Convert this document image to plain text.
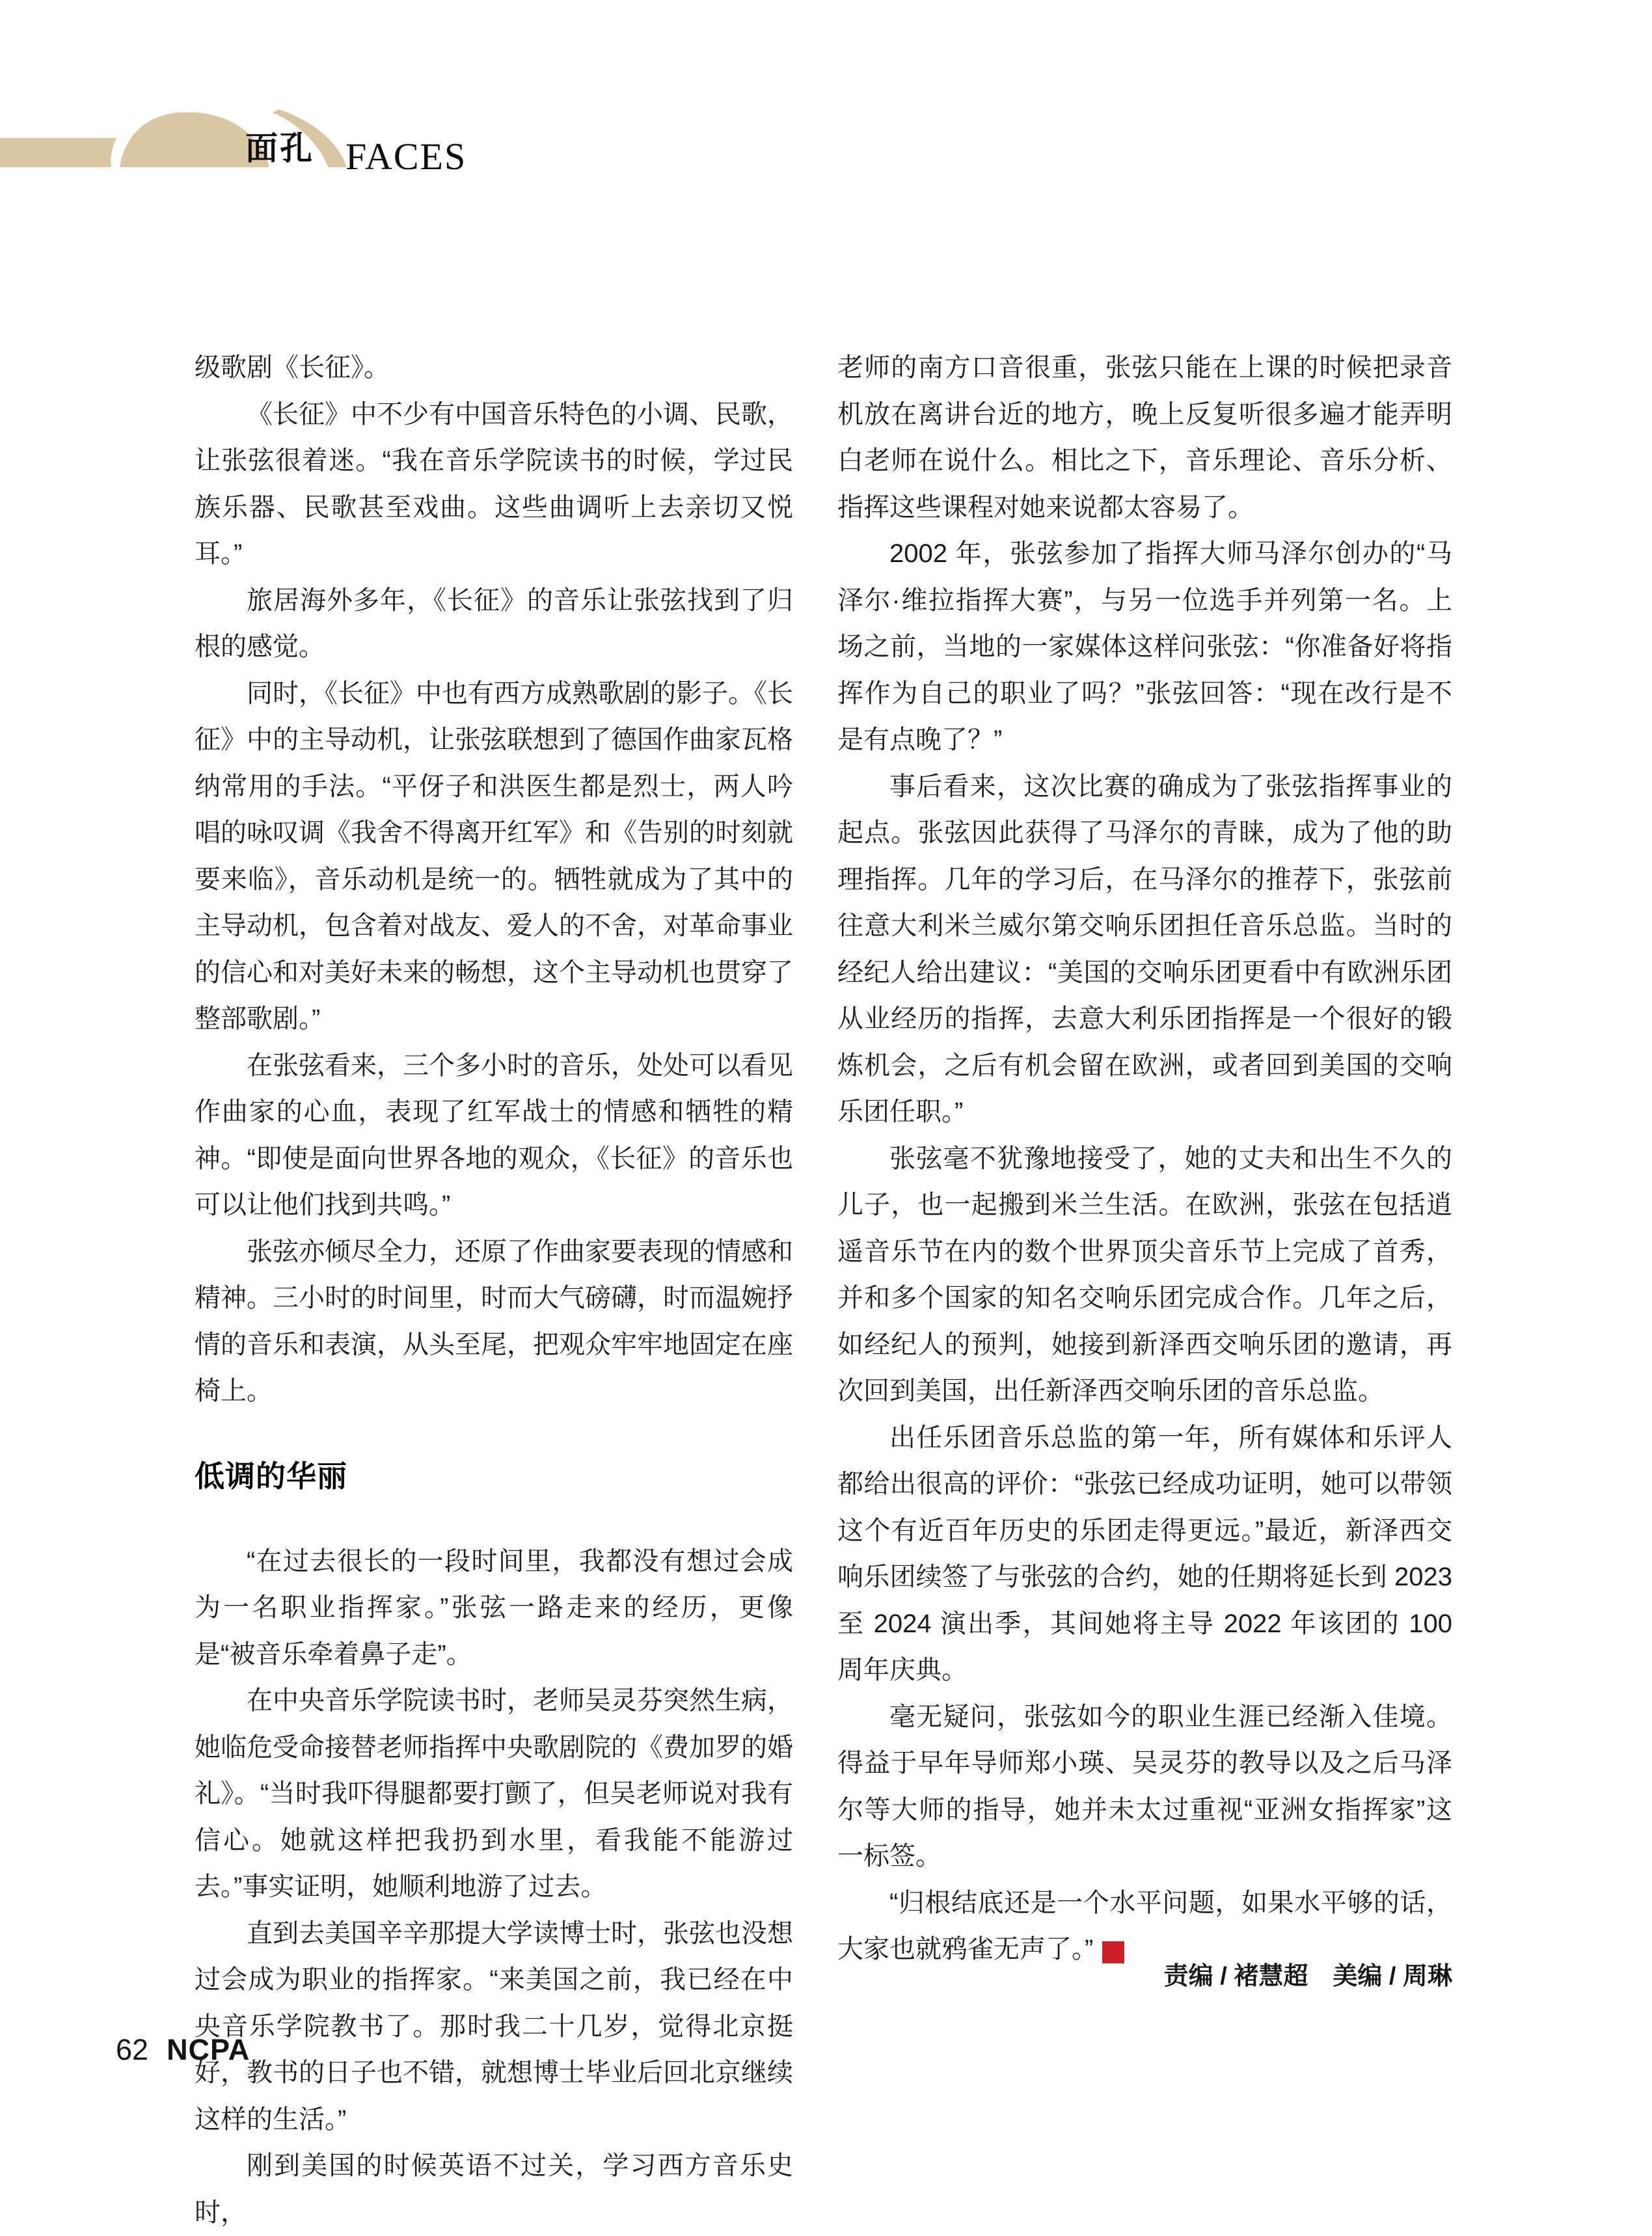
面孔 FACES

级歌剧《长征》。

《长征》中不少有中国音乐特色的小调、民歌，让张弦很着迷。“我在音乐学院读书的时候，学过民族乐器、民歌甚至戏曲。这些曲调听上去亲切又悦耳。”

旅居海外多年，《长征》的音乐让张弦找到了归根的感觉。

同时，《长征》中也有西方成熟歌剧的影子。《长征》中的主导动机，让张弦联想到了德国作曲家瓦格纳常用的手法。“平伢子和洪医生都是烈士，两人吟唱的咏叹调《我舍不得离开红军》和《告别的时刻就要来临》，音乐动机是统一的。牺牲就成为了其中的主导动机，包含着对战友、爱人的不舍，对革命事业的信心和对美好未来的畅想，这个主导动机也贯穿了整部歌剧。”

在张弦看来，三个多小时的音乐，处处可以看见作曲家的心血，表现了红军战士的情感和牺牲的精神。“即使是面向世界各地的观众，《长征》的音乐也可以让他们找到共鸣。”

张弦亦倾尽全力，还原了作曲家要表现的情感和精神。三小时的时间里，时而大气磅礴，时而温婉抒情的音乐和表演，从头至尾，把观众牢牢地固定在座椅上。

低调的华丽

“在过去很长的一段时间里，我都没有想过会成为一名职业指挥家。”张弦一路走来的经历，更像是“被音乐牵着鼻子走”。

在中央音乐学院读书时，老师吴灵芬突然生病，她临危受命接替老师指挥中央歌剧院的《费加罗的婚礼》。“当时我吓得腿都要打颤了，但吴老师说对我有信心。她就这样把我扔到水里，看我能不能游过去。”事实证明，她顺利地游了过去。

直到去美国辛辛那提大学读博士时，张弦也没想过会成为职业的指挥家。“来美国之前，我已经在中央音乐学院教书了。那时我二十几岁，觉得北京挺好，教书的日子也不错，就想博士毕业后回北京继续这样的生活。”

刚到美国的时候英语不过关，学习西方音乐史时，

老师的南方口音很重，张弦只能在上课的时候把录音机放在离讲台近的地方，晚上反复听很多遍才能弄明白老师在说什么。相比之下，音乐理论、音乐分析、指挥这些课程对她来说都太容易了。

2002 年，张弦参加了指挥大师马泽尔创办的“马泽尔·维拉指挥大赛”，与另一位选手并列第一名。上场之前，当地的一家媒体这样问张弦：“你准备好将指挥作为自己的职业了吗？”张弦回答：“现在改行是不是有点晚了？”

事后看来，这次比赛的确成为了张弦指挥事业的起点。张弦因此获得了马泽尔的青睐，成为了他的助理指挥。几年的学习后，在马泽尔的推荐下，张弦前往意大利米兰威尔第交响乐团担任音乐总监。当时的经纪人给出建议：“美国的交响乐团更看中有欧洲乐团从业经历的指挥，去意大利乐团指挥是一个很好的锻炼机会，之后有机会留在欧洲，或者回到美国的交响乐团任职。”

张弦毫不犹豫地接受了，她的丈夫和出生不久的儿子，也一起搬到米兰生活。在欧洲，张弦在包括逍遥音乐节在内的数个世界顶尖音乐节上完成了首秀，并和多个国家的知名交响乐团完成合作。几年之后，如经纪人的预判，她接到新泽西交响乐团的邀请，再次回到美国，出任新泽西交响乐团的音乐总监。

出任乐团音乐总监的第一年，所有媒体和乐评人都给出很高的评价：“张弦已经成功证明，她可以带领这个有近百年历史的乐团走得更远。”最近，新泽西交响乐团续签了与张弦的合约，她的任期将延长到 2023 至 2024 演出季，其间她将主导 2022 年该团的 100 周年庆典。

毫无疑问，张弦如今的职业生涯已经渐入佳境。得益于早年导师郑小瑛、吴灵芬的教导以及之后马泽尔等大师的指导，她并未太过重视“亚洲女指挥家”这一标签。

“归根结底还是一个水平问题，如果水平够的话，大家也就鸦雀无声了。”	NC
PA

62 NCPA
责编 / 褚慧超　美编 / 周琳
